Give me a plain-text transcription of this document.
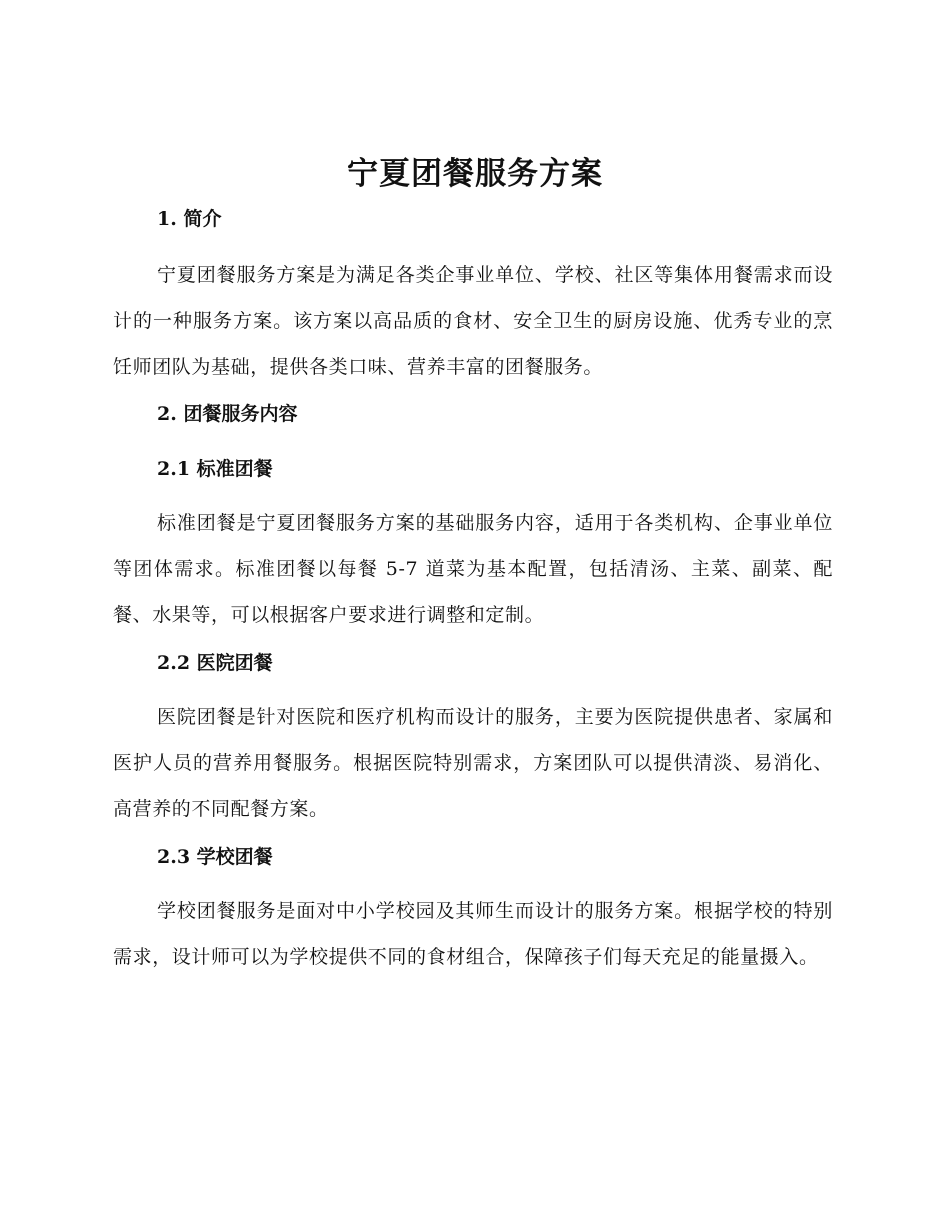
宁夏团餐服务方案
1. 简介

宁夏团餐服务方案是为满足各类企事业单位、学校、社区等集体用餐需求而设计的一种服务方案。该方案以高品质的食材、安全卫生的厨房设施、优秀专业的烹饪师团队为基础，提供各类口味、营养丰富的团餐服务。

2. 团餐服务内容
2.1 标准团餐

标准团餐是宁夏团餐服务方案的基础服务内容，适用于各类机构、企事业单位等团体需求。标准团餐以每餐 5-7 道菜为基本配置，包括清汤、主菜、副菜、配餐、水果等，可以根据客户要求进行调整和定制。

2.2 医院团餐

医院团餐是针对医院和医疗机构而设计的服务，主要为医院提供患者、家属和医护人员的营养用餐服务。根据医院特别需求，方案团队可以提供清淡、易消化、高营养的不同配餐方案。

2.3 学校团餐

学校团餐服务是面对中小学校园及其师生而设计的服务方案。根据学校的特别需求，设计师可以为学校提供不同的食材组合，保障孩子们每天充足的能量摄入。
